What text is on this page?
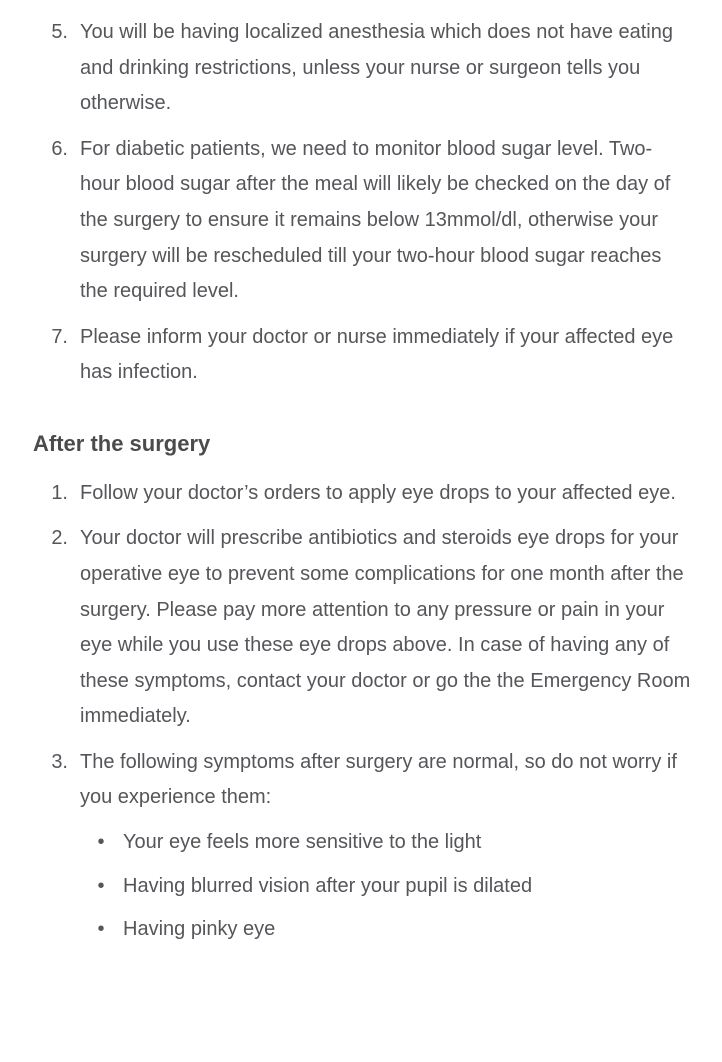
5. You will be having localized anesthesia which does not have eating and drinking restrictions, unless your nurse or surgeon tells you otherwise.

6. For diabetic patients, we need to monitor blood sugar level. Two-hour blood sugar after the meal will likely be checked on the day of the surgery to ensure it remains below 13mmol/dl, otherwise your surgery will be rescheduled till your two-hour blood sugar reaches the required level.

7. Please inform your doctor or nurse immediately if your affected eye has infection.

After the surgery
1. Follow your doctor’s orders to apply eye drops to your affected eye.

2. Your doctor will prescribe antibiotics and steroids eye drops for your operative eye to prevent some complications for one month after the surgery. Please pay more attention to any pressure or pain in your eye while you use these eye drops above. In case of having any of these symptoms, contact your doctor or go the the Emergency Room immediately.

3. The following symptoms after surgery are normal, so do not worry if you experience them:

• Your eye feels more sensitive to the light

• Having blurred vision after your pupil is dilated

• Having pinky eye
